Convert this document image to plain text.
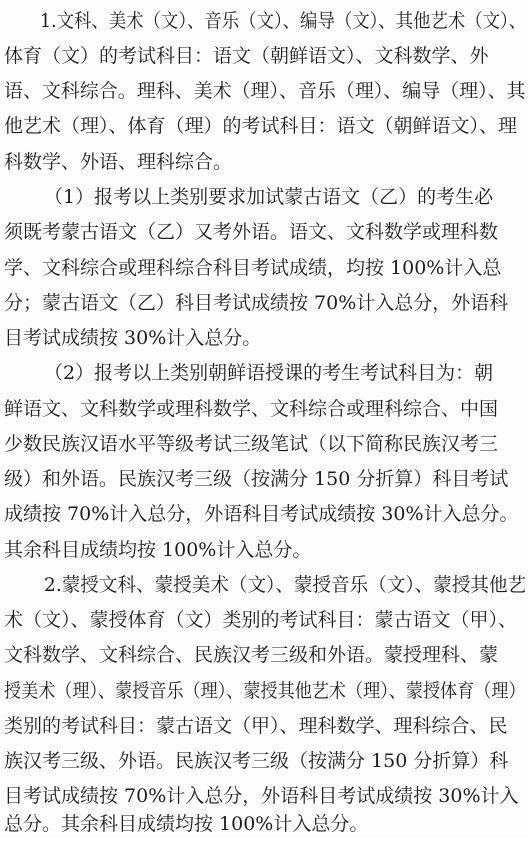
1.文科、美术（文）、音乐（文）、编导（文）、其他艺术（文）、
体育（文）的考试科目：语文（朝鲜语文）、文科数学、外
语、文科综合。理科、美术（理）、音乐（理）、编导（理）、其
他艺术（理）、体育（理）的考试科目：语文（朝鲜语文）、理
科数学、外语、理科综合。
（1）报考以上类别要求加试蒙古语文（乙）的考生必
须既考蒙古语文（乙）又考外语。语文、文科数学或理科数
学、文科综合或理科综合科目考试成绩，均按 100%计入总
分；蒙古语文（乙）科目考试成绩按 70%计入总分，外语科
目考试成绩按 30%计入总分。
（2）报考以上类别朝鲜语授课的考生考试科目为：朝
鲜语文、文科数学或理科数学、文科综合或理科综合、中国
少数民族汉语水平等级考试三级笔试（以下简称民族汉考三
级）和外语。民族汉考三级（按满分 150 分折算）科目考试
成绩按 70%计入总分，外语科目考试成绩按 30%计入总分。
其余科目成绩均按 100%计入总分。
2.蒙授文科、蒙授美术（文）、蒙授音乐（文）、蒙授其他艺
术（文）、蒙授体育（文）类别的考试科目：蒙古语文（甲）、
文科数学、文科综合、民族汉考三级和外语。蒙授理科、蒙
授美术（理）、蒙授音乐（理）、蒙授其他艺术（理）、蒙授体育（理）
类别的考试科目：蒙古语文（甲）、理科数学、理科综合、民
族汉考三级、外语。民族汉考三级（按满分 150 分折算）科
目考试成绩按 70%计入总分，外语科目考试成绩按 30%计入
总分。其余科目成绩均按 100%计入总分。
